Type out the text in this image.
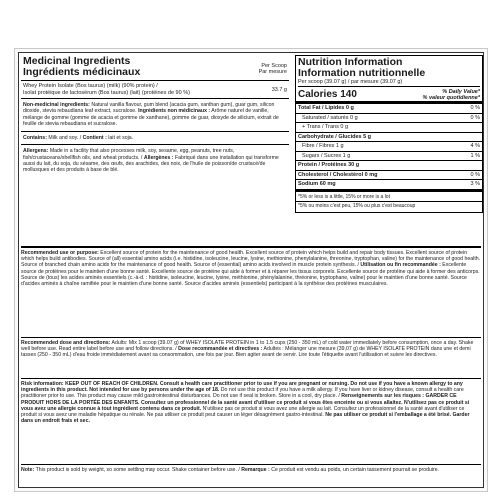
Medicinal Ingredients
Ingrédients médicinaux	Per Scoop
Par mesure
Whey Protein Isolate (Bos taurus) (milk) (90% protein) /
Isolat protéique de lactosérum (Bos taurus) (lait) (protéines de 90 %)	33.7 g
Non-medicinal ingredients: Natural vanilla flavour, gum blend (acacia gum, xanthan gum), guar gum, silicon dioxide, stevia rebaudiana leaf extract, sucralose. Ingrédients non médicinaux : Arôme naturel de vanille, mélange de gomme (gomme de acacia et gomme de xanthane), gomme de guar, dioxyde de silicium, extrait de feuille de stevia rebaudiana et sucralose.
Contains: Milk and soy. / Contient : lait et soja.
Allergens: Made in a facility that also processes milk, soy, sesame, egg, peanuts, tree nuts, fish/crustaceans/shellfish oils, and wheat products. / Allergènes : Fabriqué dans une installation qui transforme aussi du lait, du soja, du sésame, des œufs, des arachides, des noix, de l'huile de poisson/de crustacé/de mollusques et des produits à base de blé.
Nutrition Information
Information nutritionnelle
Per scoop (39.07 g) / par mesure (39.07 g)
Calories 140	% Daily Value*
% valeur quotidienne*
Total Fat / Lipides 0 g	0 %
Saturated / saturés 0 g	0 %
+ Trans / Trans 0 g
Carbohydrate / Glucides 5 g
Fibre / Fibres 1 g	4 %
Sugars / Sucres 1 g	1 %
Protein / Protéines 30 g
Cholesterol / Cholestérol 0 mg	0 %
Sodium 60 mg	3 %
*5% or less is a little, 15% or more is a lot
*5% ou moins c'est peu, 15% ou plus c'est beaucoup
Recommended use or purpose: Excellent source of protein for the maintenance of good health. Excellent source of protein which helps build and repair body tissues. Excellent source of protein which helps build antibodies. Source of (all) essential amino acids (i.e. histidine, isoleucine, leucine, lysine, methionine, phenylalanine, threonine, tryptophan, valine) for the maintenance of good health. Source of branched chain amino acids for the maintenance of good health. Source of (essential) amino acids involved in muscle protein synthesis. / Utilisation ou fin recommandée : Excellente source de protéines pour le maintien d'une bonne santé. Excellente source de protéine qui aide à former et à réparer les tissus corporels. Excellente source de protéine qui aide à former des anticorps. Source de (tous) les acides aminés essentiels (c.-à-d. : histidine, isoleucine, leucine, lysine, méthionine, phénylalanine, thréonine, tryptophane, valine) pour le maintien d'une bonne santé. Source d'acides aminés à chaîne ramifiée pour le maintien d'une bonne santé. Source d'acides aminés (essentiels) participant à la synthèse des protéines musculaires.
Recommended dose and directions: Adults: Mix 1 scoop (39.07 g) of WHEY ISOLATE PROTEIN in 1 to 1.5 cups (250 - 350 mL) of cold water immediately before consumption, once a day. Shake well before use. Read entire label before use and follow directions. / Dose recommandée et directives : Adultes : Mélanger une mesure (39,07 g) de WHEY ISOLATE PROTEIN dans une et demi tasses (250 - 350 mL) d'eau froide immédiatement avant sa consommation, une fois par jour. Bien agiter avant de servir. Lire toute l'étiquette avant l'utilisation et suivre les directives.
Risk information: KEEP OUT OF REACH OF CHILDREN. Consult a health care practitioner prior to use if you are pregnant or nursing. Do not use if you have a known allergy to any ingredients in this product. Not intended for use by persons under the age of 18. Do not use this product if you have a milk allergy. If you have liver or kidney disease, consult a health care practitioner prior to use. This product may cause mild gastrointestinal disturbances. Do not use if seal is broken. Store in a cool, dry place. / Renseignements sur les risques : GARDER CE PRODUIT HORS DE LA PORTÉE DES ENFANTS. Consultez un professionnel de la santé avant d'utiliser ce produit si vous êtes enceinte ou si vous allaitez. N'utilisez pas ce produit si vous avez une allergie connue à tout ingrédient contenu dans ce produit. N'utilisez pas ce produit si vous avez une allergie au lait. Consultez un professionnel de la santé avant d'utiliser ce produit si vous avez une maladie hépatique ou rénale. Ne pas utiliser ce produit peut causer un léger désagrément gastro-intestinal. Ne pas utiliser ce produit si l'emballage a été brisé. Garder dans un endroit frais et sec.
Note: This product is sold by weight, so some settling may occur. Shake container before use. / Remarque : Ce produit est vendu au poids, un certain tassement pourrait se produire.
